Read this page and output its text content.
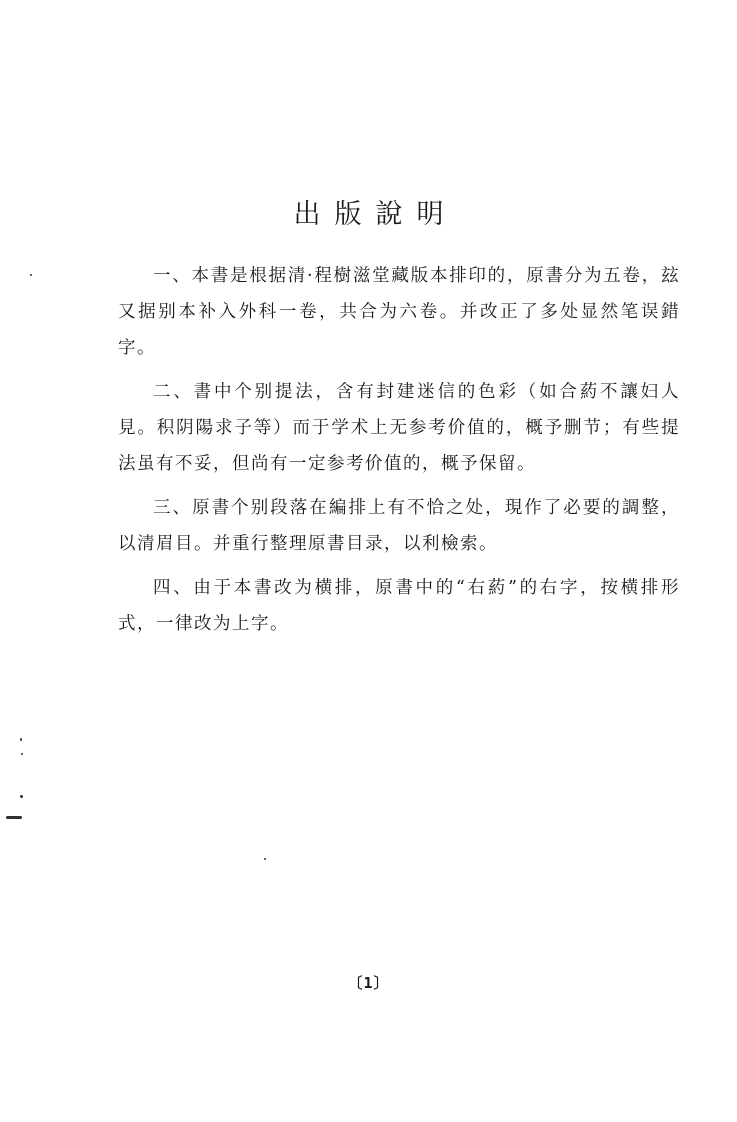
出版說明

一、本書是根据清·程樹滋堂藏版本排印的，原書分为五卷，玆又据别本补入外科一卷，共合为六卷。并改正了多处显然笔误錯字。

二、書中个别提法，含有封建迷信的色彩（如合葯不讓妇人見。积阴陽求子等）而于学术上无参考价值的，概予删节；有些提法虽有不妥，但尚有一定参考价值的，概予保留。

三、原書个别段落在編排上有不恰之处，現作了必要的調整，以清眉目。并重行整理原書目录，以利檢索。

四、由于本書改为横排，原書中的“右葯”的右字，按横排形式，一律改为上字。

〔1〕
